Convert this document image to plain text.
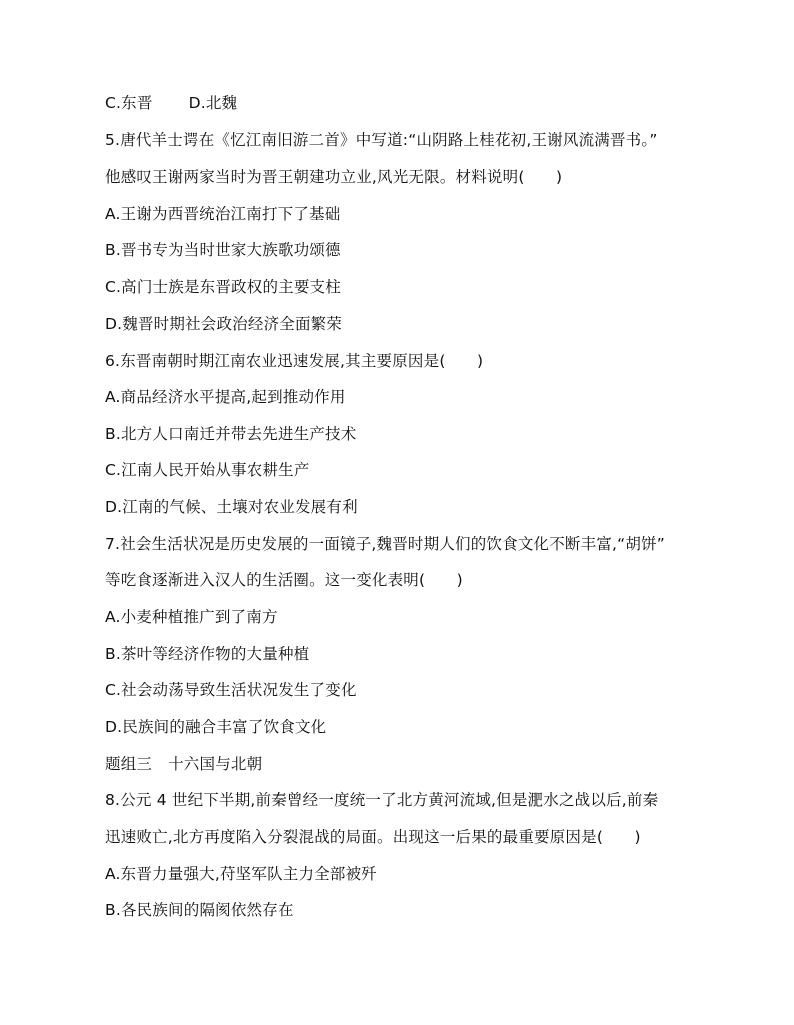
C.东晋 D.北魏
5.唐代羊士谔在《忆江南旧游二首》中写道:“山阴路上桂花初,王谢风流满晋书。”
他感叹王谢两家当时为晋王朝建功立业,风光无限。材料说明(　　)
A.王谢为西晋统治江南打下了基础
B.晋书专为当时世家大族歌功颂德
C.高门士族是东晋政权的主要支柱
D.魏晋时期社会政治经济全面繁荣
6.东晋南朝时期江南农业迅速发展,其主要原因是(　　)
A.商品经济水平提高,起到推动作用
B.北方人口南迁并带去先进生产技术
C.江南人民开始从事农耕生产
D.江南的气候、土壤对农业发展有利
7.社会生活状况是历史发展的一面镜子,魏晋时期人们的饮食文化不断丰富,“胡饼”
等吃食逐渐进入汉人的生活圈。这一变化表明(　　)
A.小麦种植推广到了南方
B.茶叶等经济作物的大量种植
C.社会动荡导致生活状况发生了变化
D.民族间的融合丰富了饮食文化
题组三 十六国与北朝
8.公元 4 世纪下半期,前秦曾经一度统一了北方黄河流域,但是淝水之战以后,前秦
迅速败亡,北方再度陷入分裂混战的局面。出现这一后果的最重要原因是(　　)
A.东晋力量强大,苻坚军队主力全部被歼
B.各民族间的隔阂依然存在
